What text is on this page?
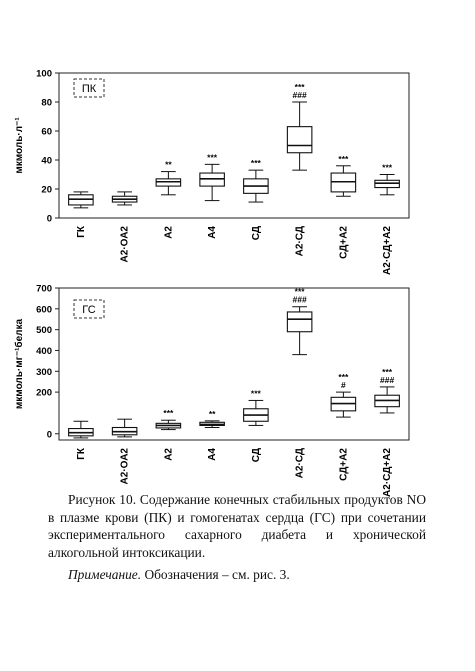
0
20
40
60
80
100
мкмоль·л⁻¹
ПК
ГК	А2·ОА2
**
А2
***
А4
***
СД
***
###
А2·СД
***
СД+А2
***
А2·СД+А2
0
200
300
400
500
600
700
мкмоль·мг⁻¹белка
ГС
ГК	А2·ОА2
***
А2
**
А4
***
СД
***
###
А2·СД
***
#
СД+А2
***
###
А2·СД+А2

Рисунок 10. Содержание конечных стабильных продуктов NO в плазме крови (ПК) и гомогенатах сердца (ГС) при сочетании экспериментального сахарного диабета и хронической алкогольной интоксикации.

Примечание. Обозначения – см. рис. 3.
